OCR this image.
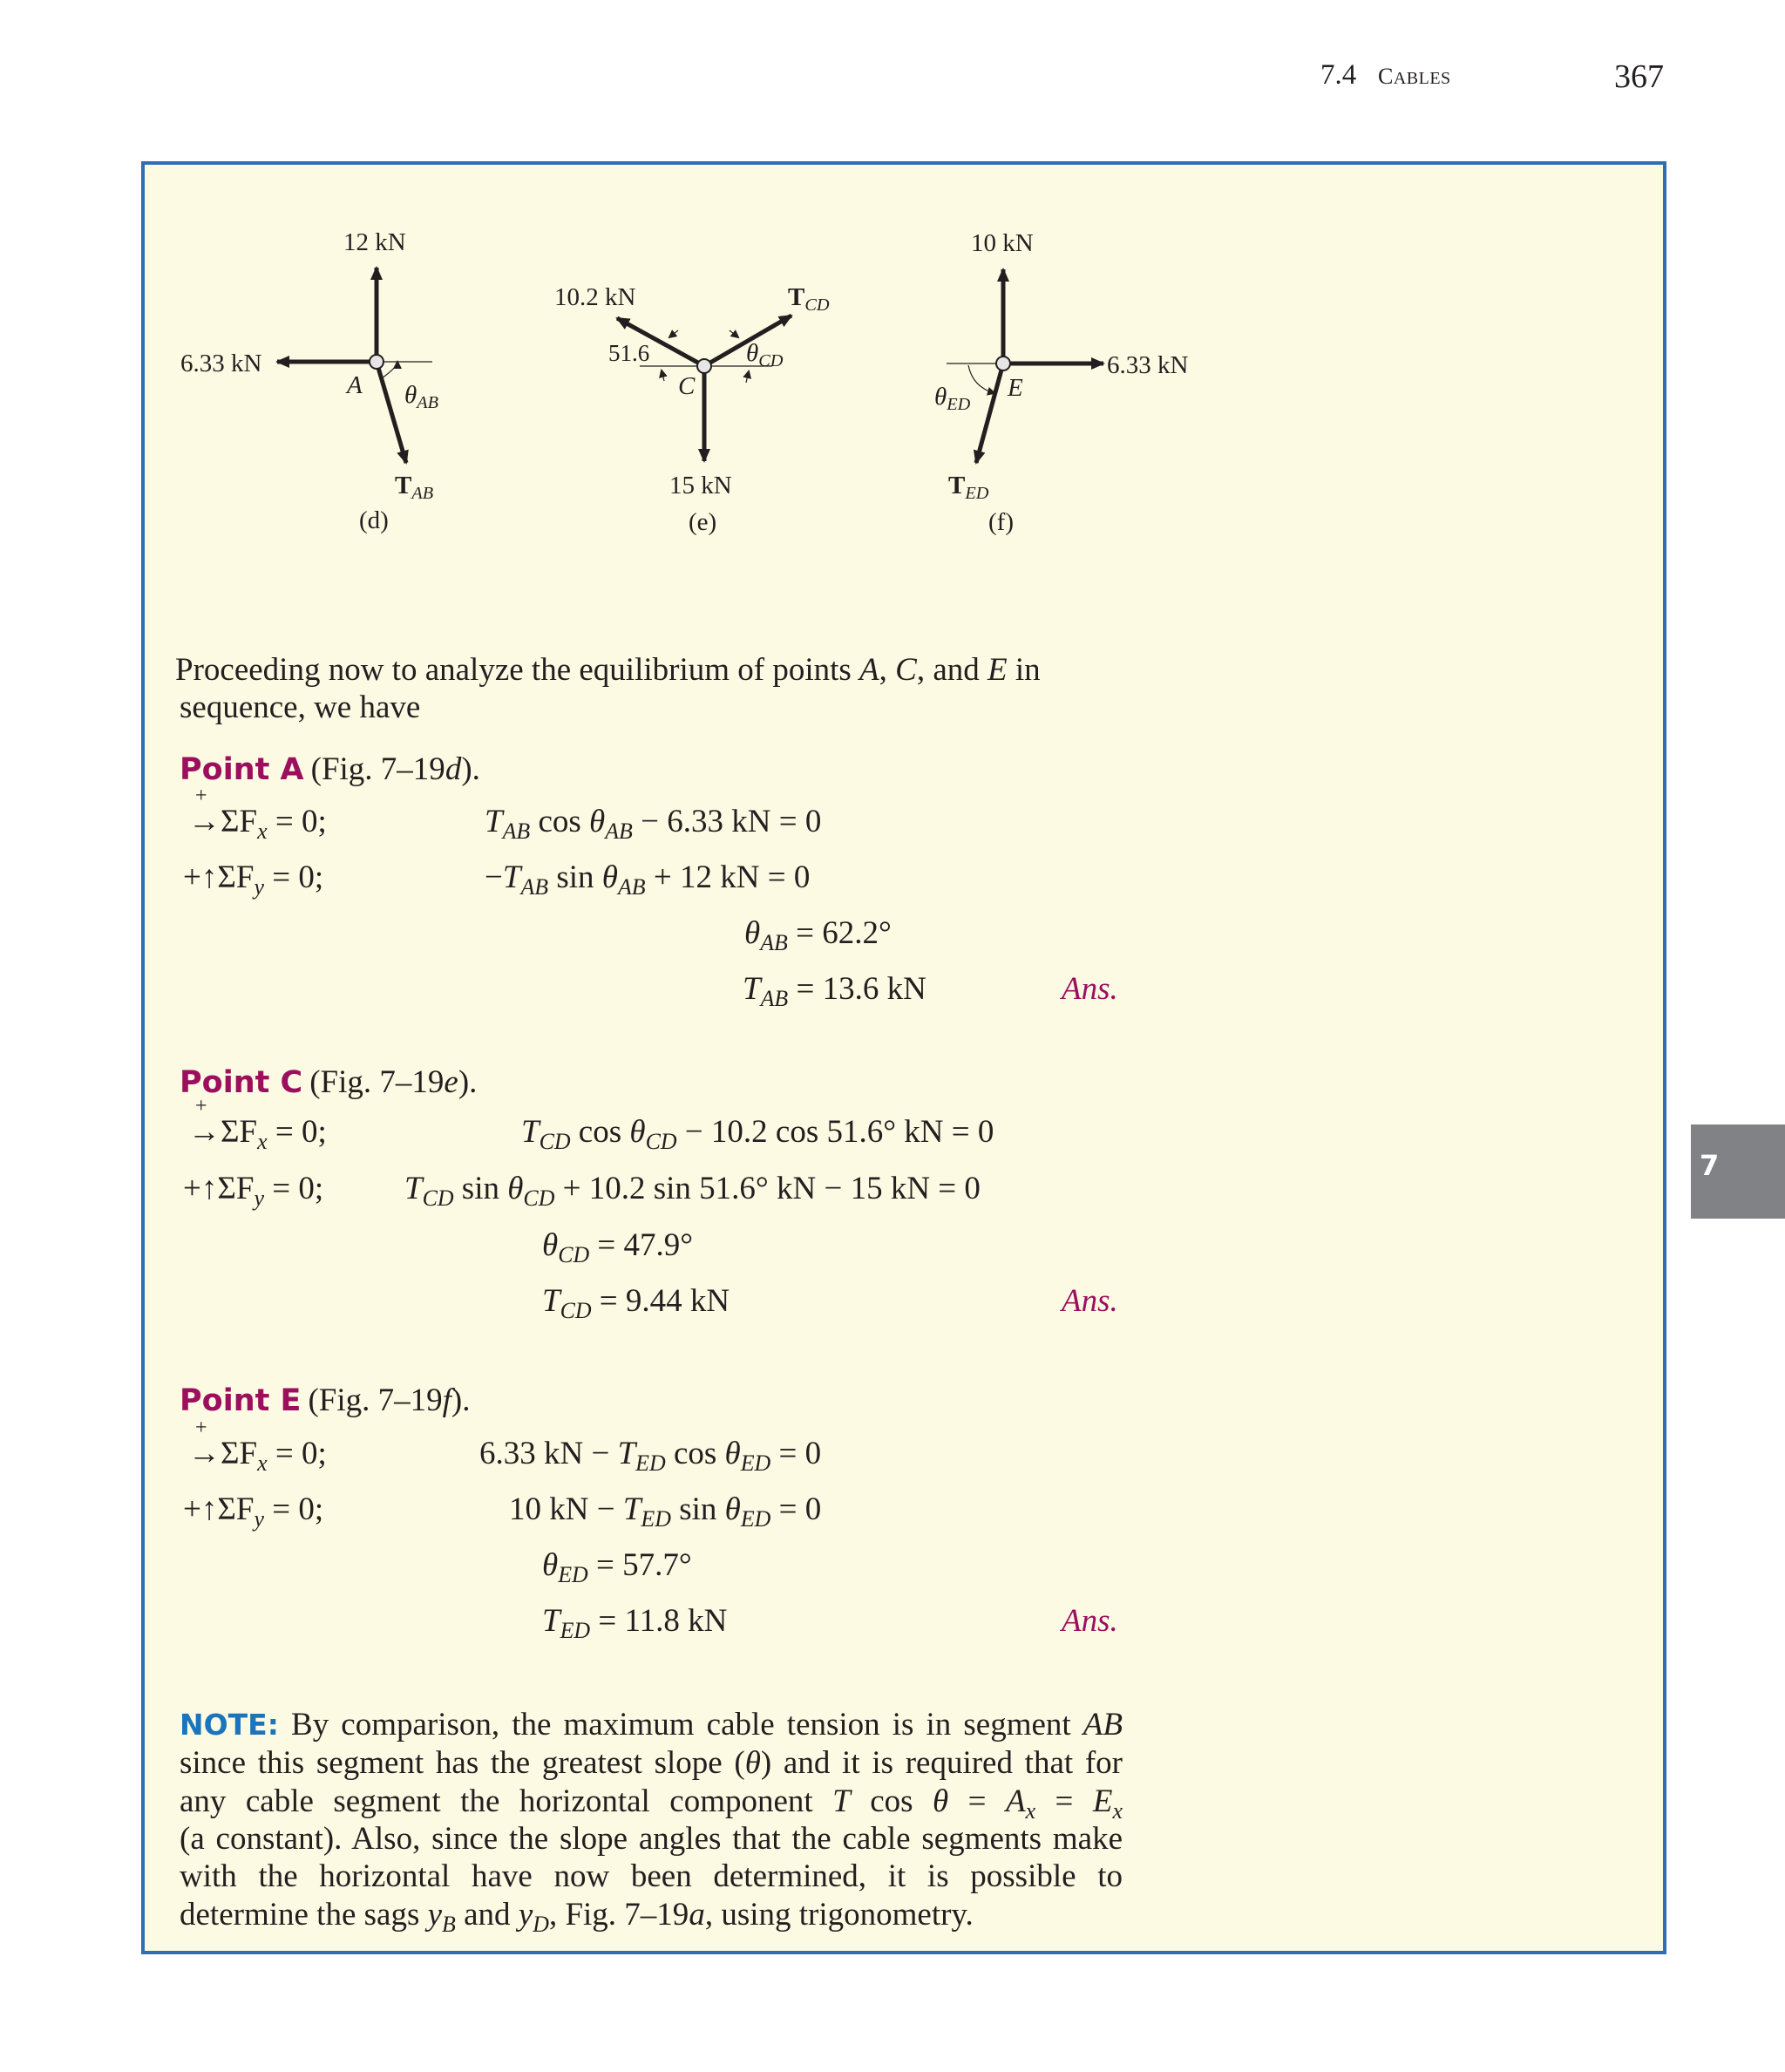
7.4 CABLES	367
7
12 kN
6.33 kN
A $\theta_{AB}$
$T_{AB}$
(d)
10.2 kN
51.6
C
$\theta_{CD}$
$T_{CD}$
15 kN
(e)
10 kN
6.33 kN
E
$\theta_{ED}$
$T_{ED}$
(f)
Proceeding now to analyze the equilibrium of points A, C, and E in
sequence, we have
Point A (Fig. 7–19d).
+
$\to\Sigma F_x = 0$;	$T_{AB}$ $\cos \theta_{AB} - 6.33$ kN = 0
$+↑\Sigma F_y = 0$;	$-T_{AB}$ $\sin \theta_{AB} + 12$ kN = 0
$\theta_{AB} = 62.2^\circ$
$T_{AB} = 13.6$ kN	Ans.
Point C (Fig. 7–19e).
+
$\to\Sigma F_x = 0$;	$T_{CD}$ $\cos \theta_{CD} - 10.2$ cos 51.6° kN = 0
$+↑\Sigma F_y = 0$;	$T_{CD}$ $\sin \theta_{CD} + 10.2$ sin 51.6° kN − 15 kN = 0
$\theta_{CD} = 47.9^\circ$
$T_{CD} = 9.44$ kN	Ans.
Point E (Fig. 7–19f).
+
$\to\Sigma F_x = 0$;	6.33 kN − $T_{ED}$ $\cos \theta_{ED} = 0$
$+↑\Sigma F_y = 0$;	10 kN − $T_{ED}$ $\sin \theta_{ED} = 0$
$\theta_{ED} = 57.7^\circ$
$T_{ED} = 11.8$ kN	Ans.
NOTE: By comparison, the maximum cable tension is in segment AB
since this segment has the greatest slope (θ) and it is required that for
any cable segment the horizontal component T $\cos \theta = A_x = E_x$
(a constant). Also, since the slope angles that the cable segments make
with the horizontal have now been determined, it is possible to
determine the sags $y_B$ and $y_D$, Fig. 7–19a, using trigonometry.
